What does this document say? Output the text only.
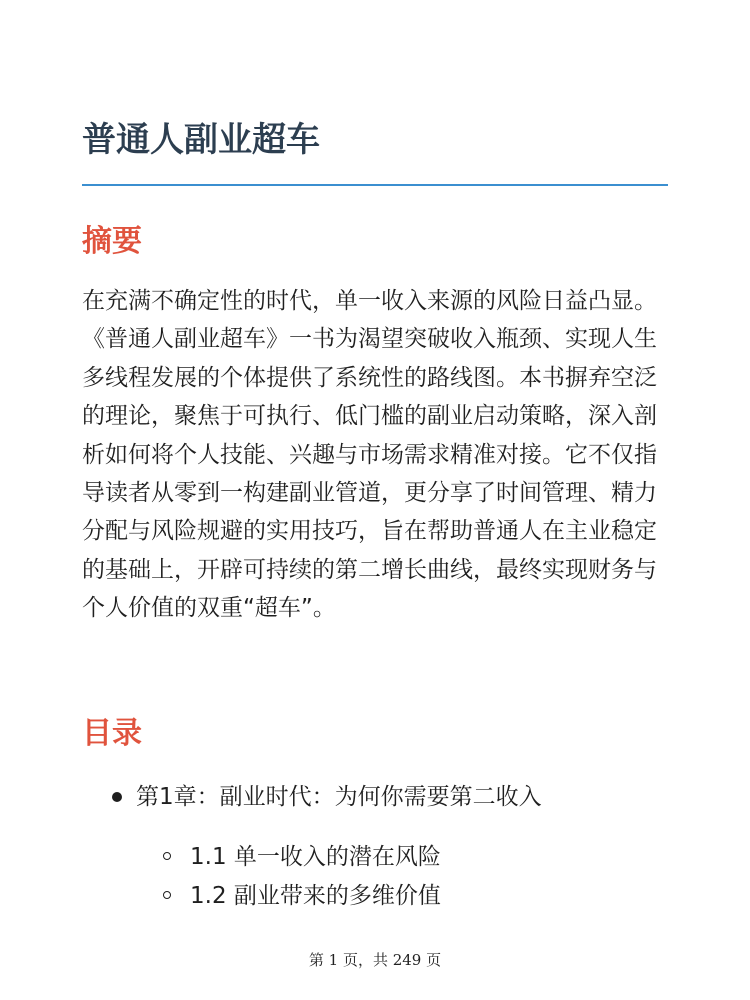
普通人副业超车
摘要

在充满不确定性的时代，单一收入来源的风险日益凸显。《普通人副业超车》一书为渴望突破收入瓶颈、实现人生多线程发展的个体提供了系统性的路线图。本书摒弃空泛的理论，聚焦于可执行、低门槛的副业启动策略，深入剖析如何将个人技能、兴趣与市场需求精准对接。它不仅指导读者从零到一构建副业管道，更分享了时间管理、精力分配与风险规避的实用技巧，旨在帮助普通人在主业稳定的基础上，开辟可持续的第二增长曲线，最终实现财务与个人价值的双重“超车”。

目录
第1章：副业时代：为何你需要第二收入
1.1 单一收入的潜在风险
1.2 副业带来的多维价值
第 1 页，共 249 页
